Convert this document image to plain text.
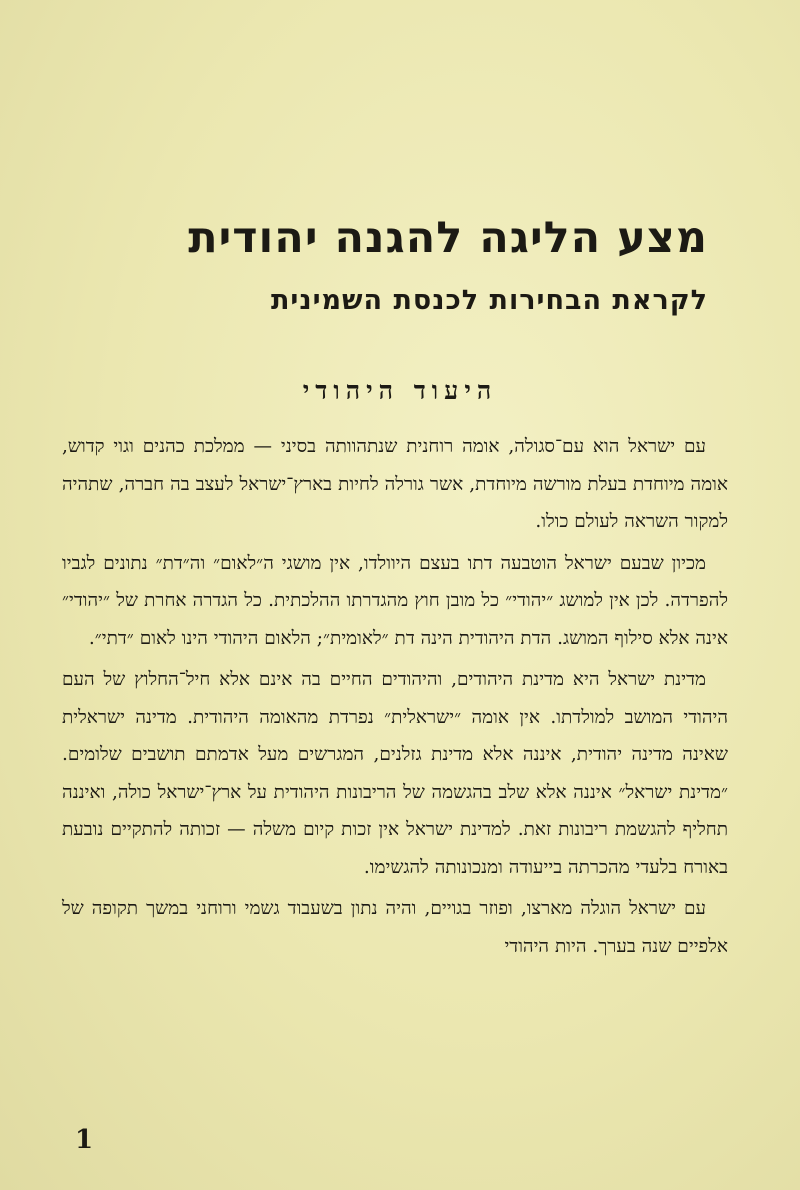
מצע הליגה להגנה יהודית
לקראת הבחירות לכנסת השמינית
היעוד היהודי

עם ישראל הוא עם־סגולה, אומה רוחנית שנתהוותה בסיני — ממלכת כהנים וגוי קדוש, אומה מיוחדת בעלת מורשה מיוחדת, אשר גורלה לחיות בארץ־ישראל לעצב בה חברה, שתהיה למקור השראה לעולם כולו.

מכיון שבעם ישראל הוטבעה דתו בעצם היוולדו, אין מושגי ה״לאום״ וה״דת״ נתונים לגביו להפרדה. לכן אין למושג ״יהודי״ כל מובן חוץ מהגדרתו ההלכתית. כל הגדרה אחרת של ״יהודי״ אינה אלא סילוף המושג. הדת היהודית הינה דת ״לאומית״; הלאום היהודי הינו לאום ״דתי״.

מדינת ישראל היא מדינת היהודים, והיהודים החיים בה אינם אלא חיל־החלוץ של העם היהודי המושב למולדתו. אין אומה ״ישראלית״ נפרדת מהאומה היהודית. מדינה ישראלית שאינה מדינה יהודית, איננה אלא מדינת גזלנים, המגרשים מעל אדמתם תושבים שלומים. ״מדינת ישראל״ איננה אלא שלב בהגשמה של הריבונות היהודית על ארץ־ישראל כולה, ואיננה תחליף להגשמת ריבונות זאת. למדינת ישראל אין זכות קיום משלה — זכותה להתקיים נובעת באורח בלעדי מהכרתה בייעודה ומנכונותה להגשימו.

עם ישראל הוגלה מארצו, ופוזר בגויים, והיה נתון בשעבוד גשמי ורוחני במשך תקופה של אלפיים שנה בערך. היות היהודי

1
